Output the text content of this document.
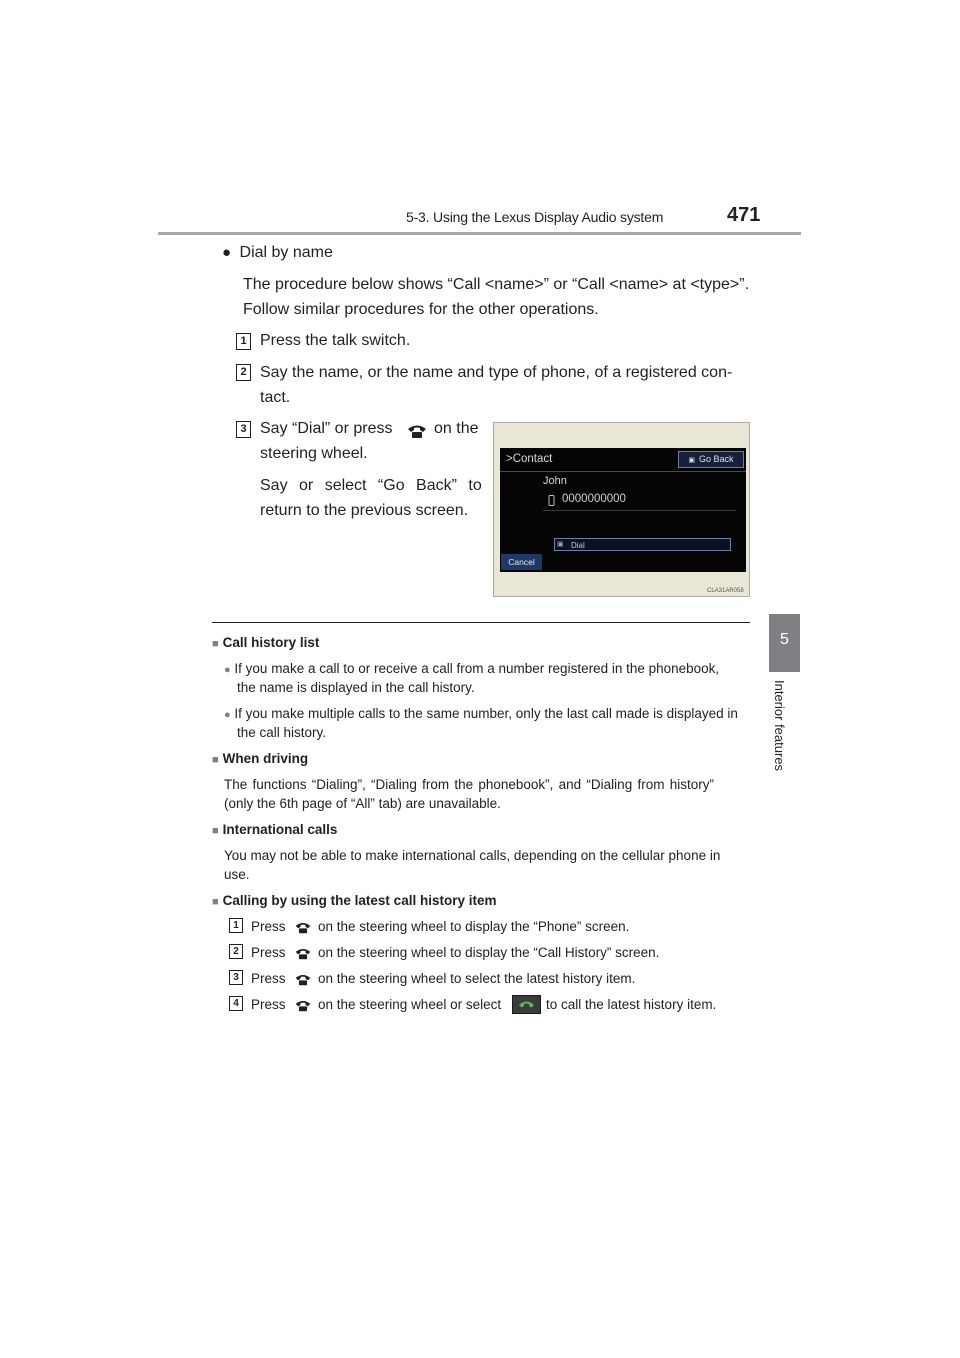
5-3. Using the Lexus Display Audio system	471
5
Interior features
● Dial by name
The procedure below shows “Call <name>” or “Call <name> at <type>”.
Follow similar procedures for the other operations.
1 Press the talk switch.
2 Say the name, or the name and type of phone, of a registered con-
tact.
3 Say “Dial” or press	on the
steering wheel.
Say or select “Go Back” to
return to the previous screen.
>Contact	▣ Go Back
John
0000000000
Dial
▣
Cancel
CLA31AR058
■ Call history list
● If you make a call to or receive a call from a number registered in the phonebook,
the name is displayed in the call history.
● If you make multiple calls to the same number, only the last call made is displayed in
the call history.
■ When driving
The functions “Dialing”, “Dialing from the phonebook”, and “Dialing from history”
(only the 6th page of “All” tab) are unavailable.
■ International calls
You may not be able to make international calls, depending on the cellular phone in
use.
■ Calling by using the latest call history item
1 Press on the steering wheel to display the “Phone” screen.
2 Press on the steering wheel to display the “Call History” screen.
3 Press on the steering wheel to select the latest history item.
4 Press on the steering wheel or select	to call the latest history item.
